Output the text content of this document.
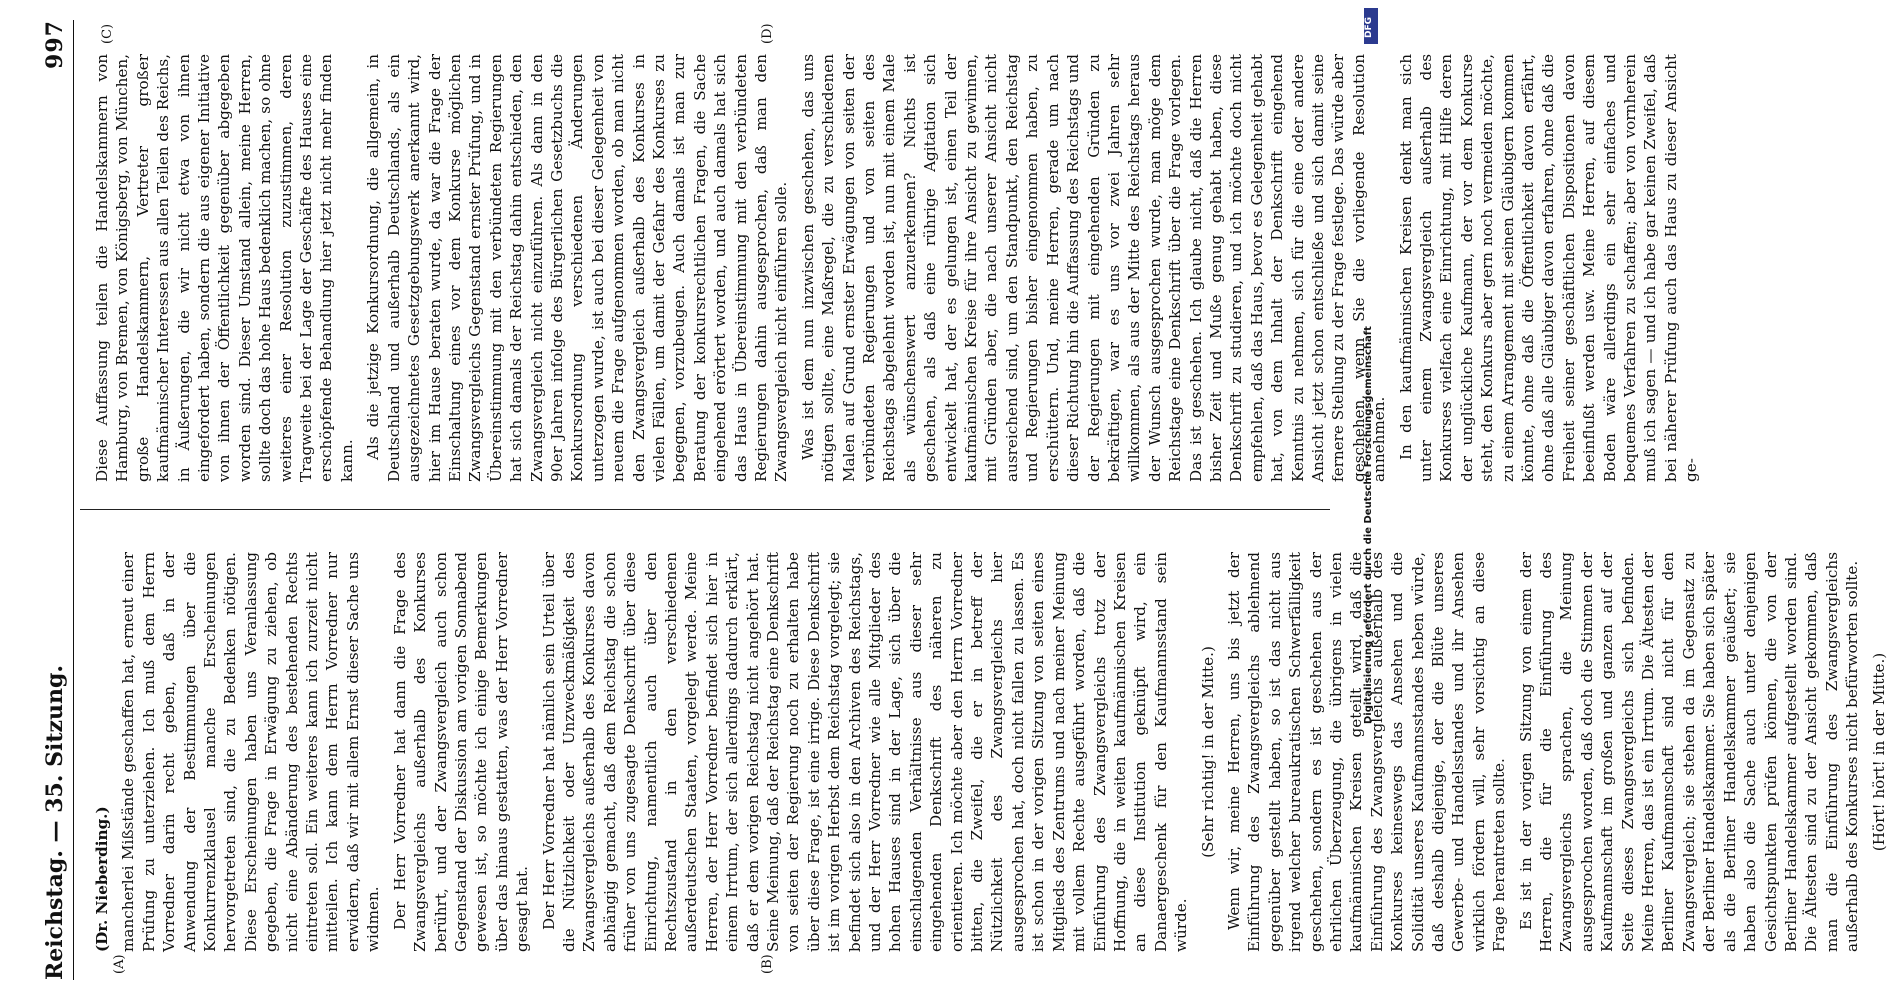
Reichstag. — 35. Sitzung.
997
(A)	(B)
(C)	(D)

(Dr. Nieberding.) mancherlei Mißstände geschaffen hat, erneut einer Prüfung zu unterziehen. Ich muß dem Herrn Vorredner darin recht geben, daß in der Anwendung der Bestimmungen über die Konkurrenzklausel manche Erscheinungen hervorgetreten sind, die zu Bedenken nötigen. Diese Erscheinungen haben uns Veranlassung gegeben, die Frage in Erwägung zu ziehen, ob nicht eine Abänderung des bestehenden Rechts eintreten soll. Ein weiteres kann ich zurzeit nicht mitteilen. Ich kann dem Herrn Vorredner nur erwidern, daß wir mit allem Ernst dieser Sache uns widmen. Der Herr Vorredner hat dann die Frage des Zwangsvergleichs außerhalb des Konkurses berührt, und der Zwangsvergleich auch schon Gegenstand der Diskussion am vorigen Sonnabend gewesen ist, so möchte ich einige Bemerkungen über das hinaus gestatten, was der Herr Vorredner gesagt hat. Der Herr Vorredner hat nämlich sein Urteil über die Nützlichkeit oder Unzweckmäßigkeit des Zwangsvergleichs außerhalb des Konkurses davon abhängig gemacht, daß dem Reichstag die schon früher von uns zugesagte Denkschrift über diese Einrichtung, namentlich auch über den Rechtszustand in den verschiedenen außerdeutschen Staaten, vorgelegt werde. Meine Herren, der Herr Vorredner befindet sich hier in einem Irrtum, der sich allerdings dadurch erklärt, daß er dem vorigen Reichstag nicht angehört hat. Seine Meinung, daß der Reichstag eine Denkschrift von seiten der Regierung noch zu erhalten habe über diese Frage, ist eine irrige. Diese Denkschrift ist im vorigen Herbst dem Reichstag vorgelegt; sie befindet sich also in den Archiven des Reichstags, und der Herr Vorredner wie alle Mitglieder des hohen Hauses sind in der Lage, sich über die einschlagenden Verhältnisse aus dieser sehr eingehenden Denkschrift des näheren zu orientieren. Ich möchte aber den Herrn Vorredner bitten, die Zweifel, die er in betreff der Nützlichkeit des Zwangsvergleichs hier ausgesprochen hat, doch nicht fallen zu lassen. Es ist schon in der vorigen Sitzung von seiten eines Mitglieds des Zentrums und nach meiner Meinung mit vollem Rechte ausgeführt worden, daß die Einführung des Zwangsvergleichs trotz der Hoffnung, die in weiten kaufmännischen Kreisen an diese Institution geknüpft wird, ein Danaergeschenk für den Kaufmannsstand sein würde.

(Sehr richtig! in der Mitte.) Wenn wir, meine Herren, uns bis jetzt der Einführung des Zwangsvergleichs ablehnend gegenüber gestellt haben, so ist das nicht aus irgend welcher bureaukratischen Schwerfälligkeit geschehen, sondern es ist geschehen aus der ehrlichen Überzeugung, die übrigens in vielen kaufmännischen Kreisen geteilt wird, daß die Einführung des Zwangsvergleichs außerhalb des Konkurses keineswegs das Ansehen und die Solidität unseres Kaufmannsstandes heben würde, daß deshalb diejenige, der die Blüte unseres Gewerbe- und Handelsstandes und ihr Ansehen wirklich fördern will, sehr vorsichtig an diese Frage herantreten sollte. Es ist in der vorigen Sitzung von einem der Herren, die für die Einführung des Zwangsvergleichs sprachen, die Meinung ausgesprochen worden, daß doch die Stimmen der Kaufmannschaft im großen und ganzen auf der Seite dieses Zwangsvergleichs sich befinden. Meine Herren, das ist ein Irrtum. Die Ältesten der Berliner Kaufmannschaft sind nicht für den Zwangsvergleich; sie stehen da im Gegensatz zu der Berliner Handelskammer. Sie haben sich später als die Berliner Handelskammer geäußert; sie haben also die Sache auch unter denjenigen Gesichtspunkten prüfen können, die von der Berliner Handelskammer aufgestellt worden sind. Die Ältesten sind zu der Ansicht gekommen, daß man die Einführung des Zwangsvergleichs außerhalb des Konkurses nicht befürworten sollte. (Hört! hört! in der Mitte.)

Diese Auffassung teilen die Handelskammern von Hamburg, von Bremen, von Königsberg, von München, große Handelskammern, Vertreter großer kaufmännischer Interessen aus allen Teilen des Reichs, in Äußerungen, die wir nicht etwa von ihnen eingefordert haben, sondern die aus eigener Initiative von ihnen der Öffentlichkeit gegenüber abgegeben worden sind. Dieser Umstand allein, meine Herren, sollte doch das hohe Haus bedenklich machen, so ohne weiteres einer Resolution zuzustimmen, deren Tragweite bei der Lage der Geschäfte des Hauses eine erschöpfende Behandlung hier jetzt nicht mehr finden kann.

Als die jetzige Konkursordnung, die allgemein, in Deutschland und außerhalb Deutschlands, als ein ausgezeichnetes Gesetzgebungswerk anerkannt wird, hier im Hause beraten wurde, da war die Frage der Einschaltung eines vor dem Konkurse möglichen Zwangsvergleichs Gegenstand ernster Prüfung, und in Übereinstimmung mit den verbündeten Regierungen hat sich damals der Reichstag dahin entschieden, den Zwangsvergleich nicht einzuführen. Als dann in den 90er Jahren infolge des Bürgerlichen Gesetzbuchs die Konkursordnung verschiedenen Änderungen unterzogen wurde, ist auch bei dieser Gelegenheit von neuem die Frage aufgenommen worden, ob man nicht den Zwangsvergleich außerhalb des Konkurses in vielen Fällen, um damit der Gefahr des Konkurses zu begegnen, vorzubeugen. Auch damals ist man zur Beratung der konkursrechtlichen Fragen, die Sache eingehend erörtert worden, und auch damals hat sich das Haus in Übereinstimmung mit den verbündeten Regierungen dahin ausgesprochen, daß man den Zwangsvergleich nicht einführen solle. Was ist dem nun inzwischen geschehen, das uns nötigen sollte, eine Maßregel, die zu verschiedenen Malen auf Grund ernster Erwägungen von seiten der verbündeten Regierungen und von seiten des Reichstags abgelehnt worden ist, nun mit einem Male als wünschenswert anzuerkennen? Nichts ist geschehen, als daß eine rührige Agitation sich entwickelt hat, der es gelungen ist, einen Teil der kaufmännischen Kreise für ihre Ansicht zu gewinnen, mit Gründen aber, die nach unserer Ansicht nicht ausreichend sind, um den Standpunkt, den Reichstag und Regierungen bisher eingenommen haben, zu erschüttern. Und, meine Herren, gerade um nach dieser Richtung hin die Auffassung des Reichstags und der Regierungen mit eingehenden Gründen zu bekräftigen, war es uns vor zwei Jahren sehr willkommen, als aus der Mitte des Reichstags heraus der Wunsch ausgesprochen wurde, man möge dem Reichstage eine Denkschrift über die Frage vorlegen. Das ist geschehen. Ich glaube nicht, daß die Herren bisher Zeit und Muße genug gehabt haben, diese Denkschrift zu studieren, und ich möchte doch nicht empfehlen, daß das Haus, bevor es Gelegenheit gehabt hat, von dem Inhalt der Denkschrift eingehend Kenntnis zu nehmen, sich für die eine oder andere Ansicht jetzt schon entschließe und sich damit seine fernere Stellung zu der Frage festlege. Das würde aber geschehen, wenn Sie die vorliegende Resolution annehmen. In den kaufmännischen Kreisen denkt man sich unter einem Zwangsvergleich außerhalb des Konkurses vielfach eine Einrichtung, mit Hilfe deren der unglückliche Kaufmann, der vor dem Konkurse steht, den Konkurs aber gern noch vermeiden möchte, zu einem Arrangement mit seinen Gläubigern kommen könnte, ohne daß die Öffentlichkeit davon erfährt, ohne daß alle Gläubiger davon erfahren, ohne daß die Freiheit seiner geschäftlichen Dispositionen davon beeinflußt werden usw. Meine Herren, auf diesem Boden wäre allerdings ein sehr einfaches und bequemes Verfahren zu schaffen; aber von vornherein muß ich sagen — und ich habe gar keinen Zweifel, daß bei näherer Prüfung auch das Haus zu dieser Ansicht ge-

DFG
Digitalisierung gefördert durch die Deutsche Forschungsgemeinschaft
